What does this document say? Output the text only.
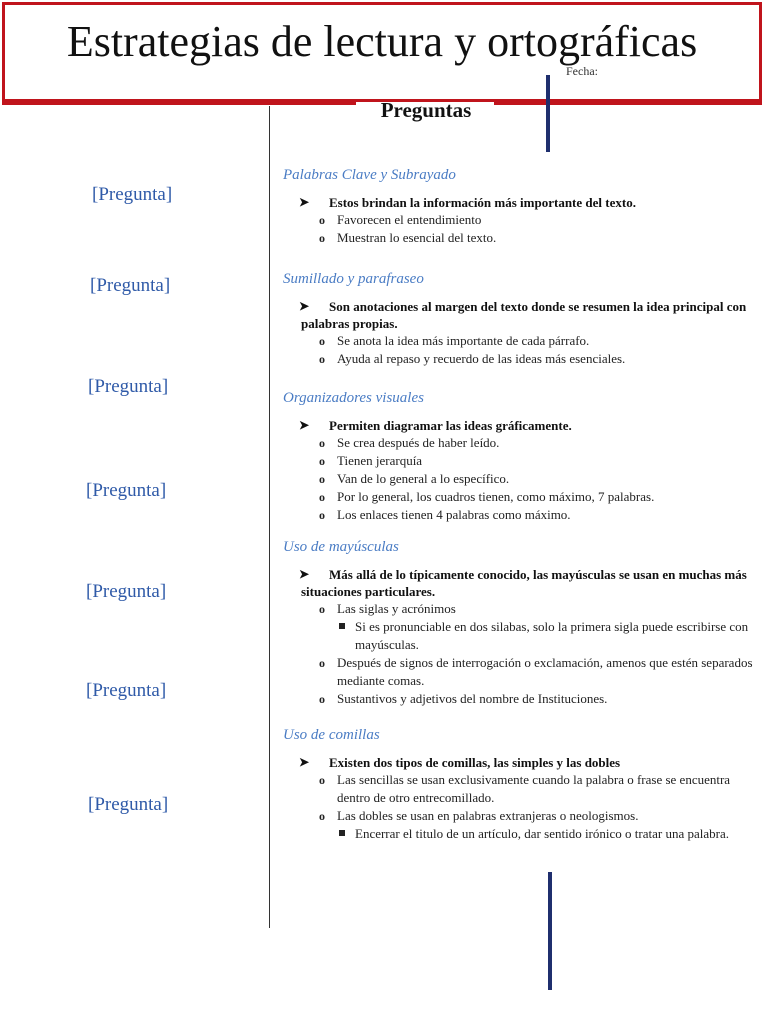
Estrategias de lectura y ortográficas
Fecha:
Preguntas
[Pregunta]
[Pregunta]
[Pregunta]
[Pregunta]
[Pregunta]
[Pregunta]
[Pregunta]

Palabras Clave y Subrayado

➤	Estos brindan la información más importante del texto.

o Favorecen el entendimiento
o Muestran lo esencial del texto.

Sumillado y parafraseo

➤	Son anotaciones al margen del texto donde se resumen la idea principal con palabras propias.

o Se anota la idea más importante de cada párrafo.
o Ayuda al repaso y recuerdo de las ideas más esenciales.

Organizadores visuales

➤	Permiten diagramar las ideas gráficamente.

o Se crea después de haber leído.
o Tienen jerarquía
o Van de lo general a lo específico.
o Por lo general, los cuadros tienen, como máximo, 7 palabras.
o Los enlaces tienen 4 palabras como máximo.

Uso de mayúsculas

➤	Más allá de lo típicamente conocido, las mayúsculas se usan en muchas más situaciones particulares.

o Las siglas y acrónimos
Si es pronunciable en dos silabas, solo la primera sigla puede escribirse con mayúsculas.
o Después de signos de interrogación o exclamación, amenos que estén separados mediante comas.
o Sustantivos y adjetivos del nombre de Instituciones.

Uso de comillas

➤	Existen dos tipos de comillas, las simples y las dobles

o Las sencillas se usan exclusivamente cuando la palabra o frase se encuentra dentro de otro entrecomillado.
o Las dobles se usan en palabras extranjeras o neologismos.
Encerrar el titulo de un artículo, dar sentido irónico o tratar una palabra.
